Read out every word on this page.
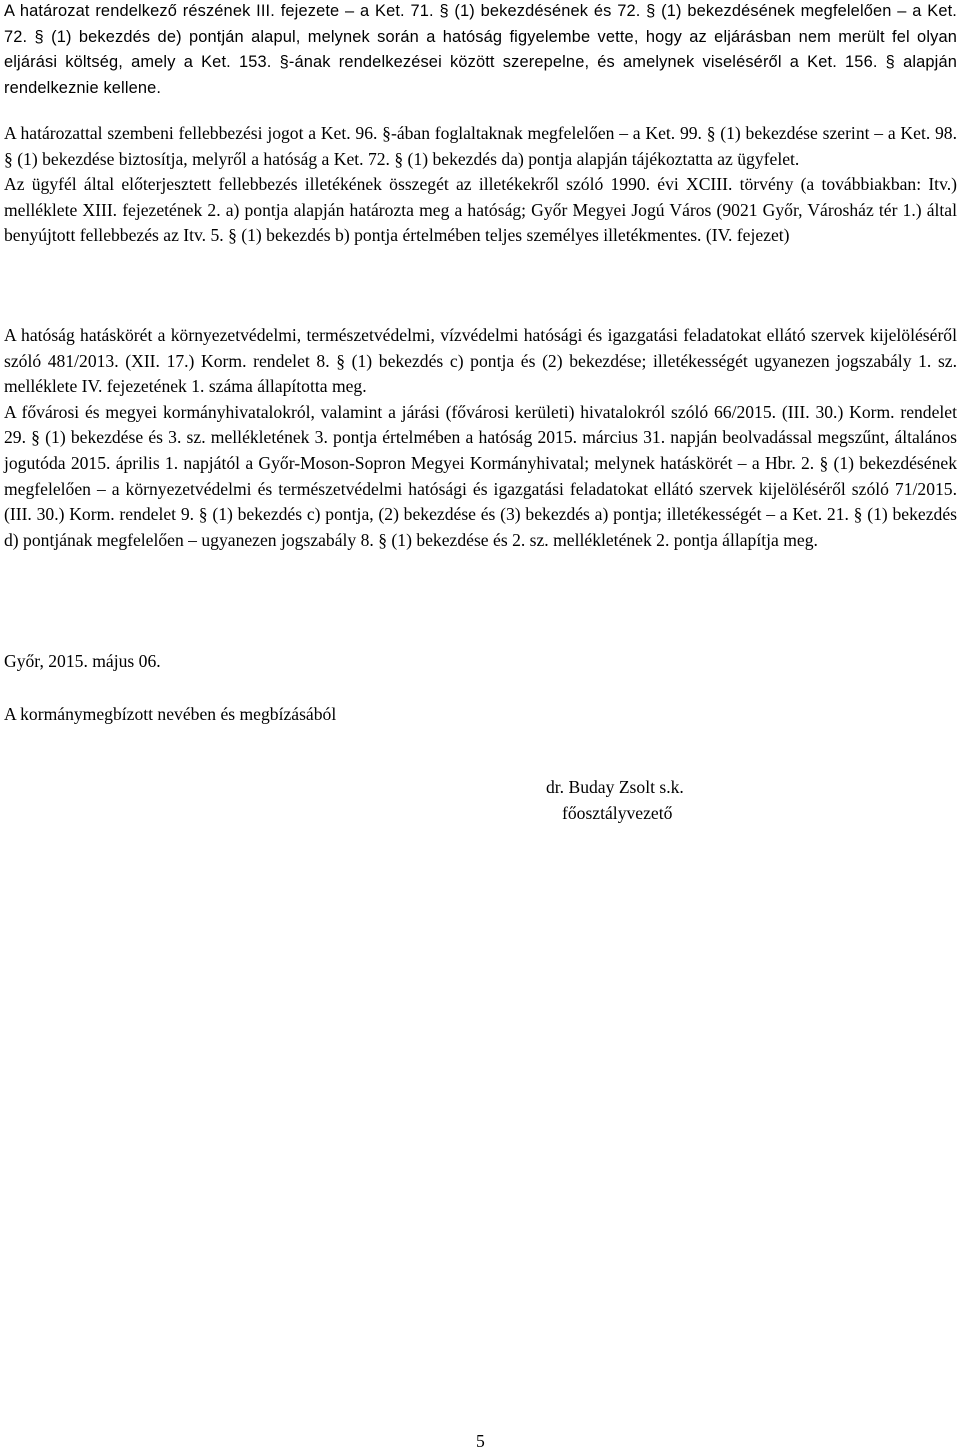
A határozat rendelkező részének III. fejezete – a Ket. 71. § (1) bekezdésének és 72. § (1) bekezdésének megfelelően – a Ket. 72. § (1) bekezdés de) pontján alapul, melynek során a hatóság figyelembe vette, hogy az eljárásban nem merült fel olyan eljárási költség, amely a Ket. 153. §-ának rendelkezései között szerepelne, és amelynek viseléséről a Ket. 156. § alapján rendelkeznie kellene.

A határozattal szembeni fellebbezési jogot a Ket. 96. §-ában foglaltaknak megfelelően – a Ket. 99. § (1) bekezdése szerint – a Ket. 98. § (1) bekezdése biztosítja, melyről a hatóság a Ket. 72. § (1) bekezdés da) pontja alapján tájékoztatta az ügyfelet.
Az ügyfél által előterjesztett fellebbezés illetékének összegét az illetékekről szóló 1990. évi XCIII. törvény (a továbbiakban: Itv.) melléklete XIII. fejezetének 2. a) pontja alapján határozta meg a hatóság; Győr Megyei Jogú Város (9021 Győr, Városház tér 1.) által benyújtott fellebbezés az Itv. 5. § (1) bekezdés b) pontja értelmében teljes személyes illetékmentes. (IV. fejezet)

A hatóság hatáskörét a környezetvédelmi, természetvédelmi, vízvédelmi hatósági és igazgatási feladatokat ellátó szervek kijelöléséről szóló 481/2013. (XII. 17.) Korm. rendelet 8. § (1) bekezdés c) pontja és (2) bekezdése; illetékességét ugyanezen jogszabály 1. sz. melléklete IV. fejezetének 1. száma állapította meg.
A fővárosi és megyei kormányhivatalokról, valamint a járási (fővárosi kerületi) hivatalokról szóló 66/2015. (III. 30.) Korm. rendelet 29. § (1) bekezdése és 3. sz. mellékletének 3. pontja értelmében a hatóság 2015. március 31. napján beolvadással megszűnt, általános jogutóda 2015. április 1. napjától a Győr-Moson-Sopron Megyei Kormányhivatal; melynek hatáskörét – a Hbr. 2. § (1) bekezdésének megfelelően – a környezetvédelmi és természetvédelmi hatósági és igazgatási feladatokat ellátó szervek kijelöléséről szóló 71/2015. (III. 30.) Korm. rendelet 9. § (1) bekezdés c) pontja, (2) bekezdése és (3) bekezdés a) pontja; illetékességét – a Ket. 21. § (1) bekezdés d) pontjának megfelelően – ugyanezen jogszabály 8. § (1) bekezdése és 2. sz. mellékletének 2. pontja állapítja meg.

Győr, 2015. május 06.

A kormánymegbízott nevében és megbízásából

dr. Buday Zsolt s.k.

főosztályvezető

5
